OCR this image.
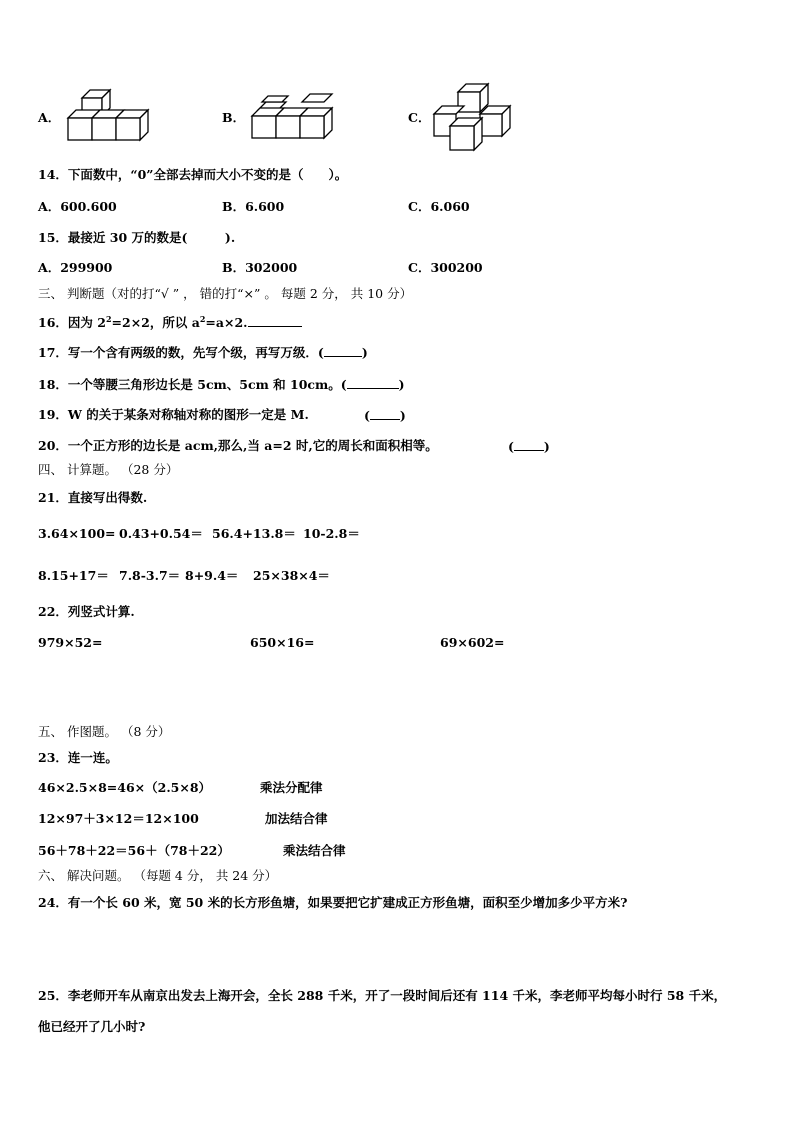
A．	B．	C．
14．下面数中，“0”全部去掉而大小不变的是（　　）。
A．600.600	B．6.600	C．6.060
15．最接近 30 万的数是(　　　).
A．299900	B．302000	C．300200
三、 判断题（对的打“√ ” ， 错的打“×” 。 每题 2 分， 共 10 分）
16．因为 $2^2=2\times 2$，所以 $a^2=a\times 2$.
17．写一个含有两级的数，先写个级，再写万级．(	)
18．一个等腰三角形边长是 5cm、5cm 和 10cm。(	)
19．W 的关于某条对称轴对称的图形一定是 M.	( )
20．一个正方形的边长是 acm,那么,当 a=2 时,它的周长和面积相等。	( )
四、 计算题。 （28 分）
21．直接写出得数.
3.64×100= 0.43+0.54＝ 56.4+13.8＝ 10-2.8＝
8.15+17＝ 7.8-3.7＝ 8+9.4＝ 25×38×4＝
22．列竖式计算.
979×52=	650×16=	69×602=
五、 作图题。 （8 分）
23．连一连。
46×2.5×8=46×（2.5×8）	乘法分配律
12×97＋3×12＝12×100	加法结合律
56＋78＋22＝56＋（78＋22）	乘法结合律
六、 解决问题。 （每题 4 分， 共 24 分）
24．有一个长 60 米，宽 50 米的长方形鱼塘，如果要把它扩建成正方形鱼塘，面积至少增加多少平方米?
25．李老师开车从南京出发去上海开会，全长 288 千米，开了一段时间后还有 114 千米，李老师平均每小时行 58 千米，
他已经开了几小时?
